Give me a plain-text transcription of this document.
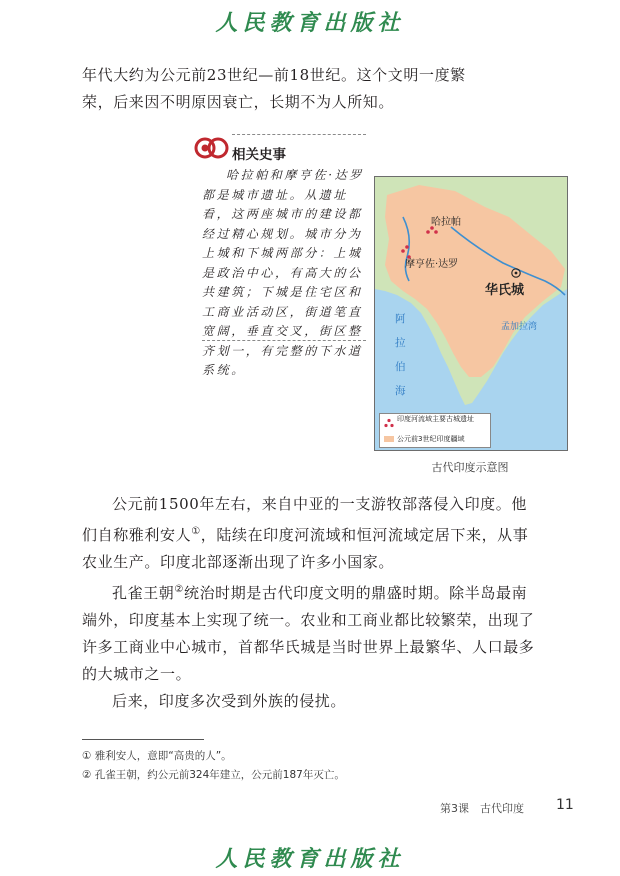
人民教育出版社

年代大约为公元前23世纪—前18世纪。这个文明一度繁

荣，后来因不明原因衰亡，长期不为人所知。

相关史事

哈拉帕和摩亨佐·达罗都是城市遗址。从遗址看，这两座城市的建设都经过精心规划。城市分为上城和下城两部分：上城是政治中心，有高大的公共建筑；下城是住宅区和工商业活动区，街道笔直宽阔，垂直交叉，街区整齐划一，有完整的下水道系统。

哈拉帕
摩亨佐·达罗
华氏城
阿拉伯海
孟加拉湾
印度河流域主要古城遗址
公元前3世纪印度疆域
古代印度示意图

公元前1500年左右，来自中亚的一支游牧部落侵入印度。他们自称雅利安人①，陆续在印度河流域和恒河流域定居下来，从事农业生产。印度北部逐渐出现了许多小国家。

孔雀王朝②统治时期是古代印度文明的鼎盛时期。除半岛最南端外，印度基本上实现了统一。农业和工商业都比较繁荣，出现了许多工商业中心城市，首都华氏城是当时世界上最繁华、人口最多的大城市之一。

后来，印度多次受到外族的侵扰。

① 雅利安人，意即“高贵的人”。
② 孔雀王朝，约公元前324年建立，公元前187年灭亡。
第3课　古代印度 11
人民教育出版社
